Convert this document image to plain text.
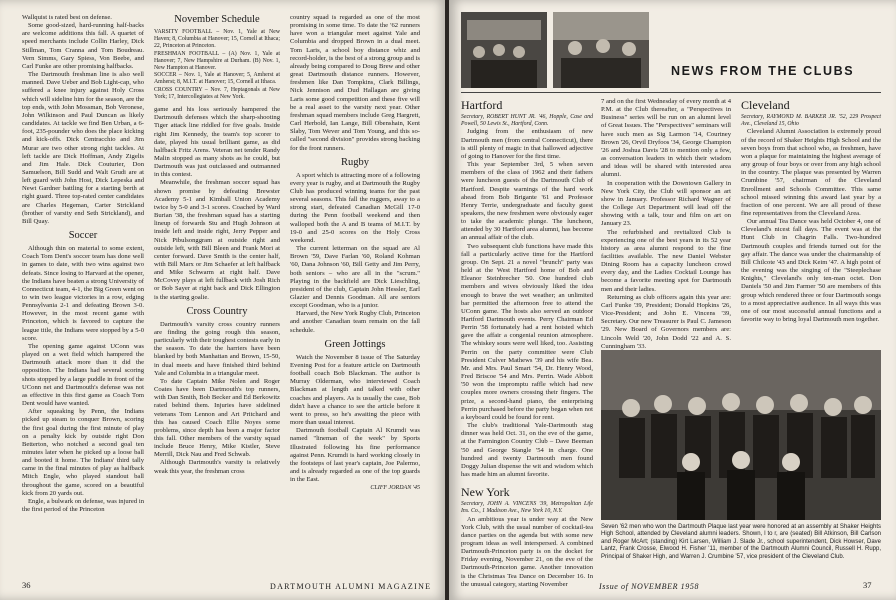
Wallquist is rated best on defense.

Some good-sized, hard-running half-backs are welcome additions this fall. A quartet of speed merchants include Collin Harley, Dick Stillman, Tom Cranna and Tom Boudreau. Vern Simms, Gary Spiess, Von Beebe, and Carl Funke are other promising halfbacks.

The Dartmouth freshman line is also well manned. Dave Ueber and Bob Light-cap, who suffered a knee injury against Holy Cross which will sideline him for the season, are the top ends, with John Mossman, Bob Veronese, John Wilkinson and Paul Duncan as likely candidates. At tackle we find Ben Urban, a 6-foot, 235-pounder who does the place kicking and kick-offs. Dick Centracchio and Jim Murar are two other strong right tackles. At left tackle are Dick Hoffman, Andy Zigelis and Jim Hale. Dick Couturier, Don Samuelson, Bill Sudd and Walt Grudi are at left guard with John Host, Dick Lepeska and Newt Gardner battling for a starting berth at right guard. Three top-rated center candidates are Charles Hegeman, Carter Strickland (brother of varsity end Seth Strickland), and Bill Quay.

Soccer

Although thin on material to some extent, Coach Tom Dent's soccer team has done well in games to date, with two wins against two defeats. Since losing to Harvard at the opener, the Indians have beaten a strong University of Connecticut team, 4-1, the Big Green went on to win two league victories in a row, edging Pennsylvania 2-1 and defeating Brown 3-0. However, in the most recent game with Princeton, which is favored to capture the league title, the Indians were stopped by a 5-0 score.

The opening game against UConn was played on a wet field which hampered the Dartmouth attack more than it did the opposition. The Indians had several scoring shots stopped by a large puddle in front of the UConn net and Dartmouth's defense was not as effective in this first game as Coach Tom Dent would have wanted.

After squeaking by Penn, the Indians picked up steam to conquer Brown, scoring the first goal during the first minute of play on a penalty kick by outside right Don Betterton, who notched a second goal ten minutes later when he picked up a loose ball and booted it home. The Indians' third tally came in the final minutes of play as halfback Mitch Engle, who played standout ball throughout the game, scored on a beautiful kick from 20 yards out.

Engle, a bulwark on defense, was injured in the first period of the Princeton

November Schedule

VARSITY FOOTBALL – Nov. 1, Yale at New Haven; 8, Columbia at Hanover; 15, Cornell at Ithaca; 22, Princeton at Princeton.

FRESHMAN FOOTBALL – (A) Nov. 1, Yale at Hanover; 7, New Hampshire at Durham. (B) Nov. 1, New Hampton at Hanover.

SOCCER – Nov. 1, Yale at Hanover; 5, Amherst at Amherst; 8, M.I.T. at Hanover; 15, Cornell at Ithaca.

CROSS COUNTRY – Nov. 7, Heptagonals at New York; 17, Intercollegiates at New York.

game and his loss seriously hampered the Dartmouth defenses which the sharp-shooting Tiger attack line riddled for five goals. Inside right Jim Kennedy, the team's top scorer to date, played his usual brilliant game, as did halfback Fritz Arens. Veteran net tender Randy Malin stopped as many shots as he could, but Dartmouth was just outclassed and outmanned in this contest.

Meanwhile, the freshman soccer squad has shown promise by defeating Brewster Academy 5-1 and Kimball Union Academy twice by 5-0 and 3-1 scores. Coached by Ward Burian '38, the freshman squad has a starting lineup of forwards Stu and Hugh Johnson at inside left and inside right, Jerry Pepper and Nick Pibulsonggram at outside right and outside left, with Bill Bleen and Frank Mori at center forward. Dave Smith is the center half, with Bill Marx or Jim Schaefer at left halfback and Mike Schwarm at right half. Dave McCovey plays at left fullback with Josh Rich or Bob Sayer at right back and Dick Ellington is the starting goalie.

Cross Country

Dartmouth's varsity cross country runners are finding the going rough this season, particularly with their toughest contests early in the season. To date the harriers have been blanked by both Manhattan and Brown, 15-50, in dual meets and have finished third behind Yale and Columbia in a triangular meet.

To date Captain Mike Nolen and Roger Coates have been Dartmouth's top runners, with Dan Smith, Bob Becker and Ed Berkowitz rated behind them. Injuries have sidelined veterans Tom Lennon and Art Pritchard and this has caused Coach Ellie Noyes some problems, since depth has been a major factor this fall. Other members of the varsity squad include Bruce Henry, Mike Kistler, Steve Merrill, Dick Nau and Fred Schwab.

Although Dartmouth's varsity is relatively weak this year, the freshman cross

country squad is regarded as one of the most promising in some time. To date the '62 runners have won a triangular meet against Yale and Columbia and dropped Brown in a dual meet. Tom Laris, a school boy distance whiz and record-holder, is the best of a strong group and is already being compared to Doug Brew and other great Dartmouth distance runners. However, freshmen like Dan Tompkins, Clark Billings, Nick Jennison and Dud Hallagan are giving Laris some good competition and these five will be a real asset to the varsity next year. Other freshman squad members include Greg Hargrett, Carl Herbold, Ian Lange, Bill Obenshain, Kent Slaby, Tom Wever and Tom Young, and this so-called "second division" provides strong backing for the front runners.

Rugby

A sport which is attracting more of a following every year is rugby, and at Dartmouth the Rugby Club has produced winning teams for the past several seasons. This fall the ruggers, away to a strong start, defeated Canadian McGill 17-0 during the Penn football weekend and then walloped both the A and B teams of M.I.T. by 19-0 and 25-0 scores on the Holy Cross weekend.

The current letterman on the squad are Al Brown '59, Dave Farlan '60, Roland Kohman '60, Dana Johnson '60, Bill Getty and Jim Perry, both seniors – who are all in the "scrum." Playing in the backfield are Dick Lieschling, president of the club, Captain John Hessler, Earl Glazier and Dennis Goodman. All are seniors except Goodman, who is a junior.

Harvard, the New York Rugby Club, Princeton and another Canadian team remain on the fall schedule.

Green Jottings

Watch the November 8 issue of The Saturday Evening Post for a feature article on Dartmouth football coach Bob Blackman. The author is Murray Olderman, who interviewed Coach Blackman at length and talked with other coaches and players. As is usually the case, Bob didn't have a chance to see the article before it went to press, so he's awaiting the piece with more than usual interest.

Dartmouth football Captain Al Krumdi was named "lineman of the week" by Sports Illustrated following his fine performance against Penn. Krumdi is hard working closely in the footsteps of last year's captain, Joe Palermo, and is already regarded as one of the top guards in the East.

CLIFF JORDAN '45

36	DARTMOUTH ALUMNI MAGAZINE
NEWS FROM THE CLUBS
Hartford

Secretary, ROBERT HUNT JR. '46, Hopple, Case and Powell, 50 Lewis St., Hartford, Conn.

Judging from the enthusiasm of new Dartmouth men (from central Connecticut), there is still plenty of magic in that hallowed adjective of going to Hanover for the first time.

This year September 3rd, 5 when seven members of the class of 1962 and their fathers were luncheon guests of the Dartmouth Club of Hartford. Despite warnings of the hard work ahead from Bob Brigante '61 and Professor Henry Terrie, undergraduate and faculty guest speakers, the new freshmen were obviously eager to take the academic plunge. The luncheon, attended by 30 Hartford area alumni, has become an annual affair of the club.

Two subsequent club functions have made this fall a particularly active time for the Hartford group. On Sept. 21 a novel "brunch" party was held at the West Hartford home of Bob and Eleanor Steinbrecher '50. One hundred club members and wives obviously liked the idea enough to brave the wet weather; an unlimited bar permitted the afternoon free to attend the UConn game. The hosts also served an outdoor Hartford Dartmouth events. Perry Chairman Ed Perrin '58 fortunately had a rent hoisted which gave the affair a congenial reunion atmosphere. The whiskey sours were well liked, too. Assisting Perrin on the party committee were Club President Culver Mathews '39 and his wife Bea. Mr. and Mrs. Paul Smart '54, Dr. Henry Wood, Fred Briscoe '54 and Mrs. Perrin. Wade Abbott '50 won the impromptu raffle which had new couples more owners crossing their fingers. The prize, a second-hand piano, the enterprising Perrin purchased before the party began when not a keyboard could be found for rent.

The club's traditional Yale-Dartmouth stag dinner was held Oct. 31, on the eve of the game, at the Farmington Country Club – Dave Beeman '50 and George Stangle '54 in charge. One hundred and twenty Dartmouth men found Doggy Julian dispense the wit and wisdom which has made him an alumni favorite.

New York

Secretary, JOHN A. VINCENS '39, Metropolitan Life Ins. Co., 1 Madison Ave., New York 10, N.Y.

An ambitious year is under way at the New York Club, with the usual number of cocktail-tea dance parties on the agenda but with some new program ideas as well interspersed. A combined Dartmouth-Princeton party is on the docket for Friday evening, November 21, on the eve of the Dartmouth-Princeton game. Another innovation is the Christmas Tea Dance on December 16. In the unusual category, starting November

7 and on the first Wednesday of every month at 4 P.M. at the Club thereafter, a "Perspectives in Business" series will be run on an alumni level of Great Issues. The "Perspectives" seminars will have such men as Sig Larmon '14, Courtney Brown '26, Orvil Dryfoos '34, George Champion '26 and Joshua Davis '28 to mention only a few, as conversation leaders in which their wisdom and ideas will be shared with interested area alumni.

In cooperation with the Downtown Gallery in New York City, the Club will sponsor an art show in January. Professor Richard Wagner of the College Art Department will lead off the showing with a talk, tour and film on art on January 23.

The refurbished and revitalized Club is experiencing one of the best years in its 52 year history as area alumni respond to the fine facilities available. The new Daniel Webster Dining Room has a capacity luncheon crowd every day, and the Ladies Cocktail Lounge has become a favorite meeting spot for Dartmouth men and their ladies.

Returning as club officers again this year are: Carl Funke '39, President; Donald Hopkins '26, Vice-President; and John E. Vincens '39, Secretary. Our new Treasurer is Paul C. Jameson '29. New Board of Governors members are: Lincoln Weld '20, John Dodd '22 and A. S. Cunningham '33.

Cleveland

Secretary, RAYMOND M. BARKER JR. '52, 229 Prospect Ave., Cleveland 15, Ohio

Cleveland Alumni Association is extremely proud of the record of Shaker Heights High School and the seven boys from that school who, as freshmen, have won a plaque for maintaining the highest average of any group of four boys or over from any high school in the country. The plaque was presented by Warren Crumbine '57, chairman of the Cleveland Enrollment and Schools Committee. This same school missed winning this award last year by a fraction of one percent. We are all proud of these fine representatives from the Cleveland Area.

Our annual Tea Dance was held October 4, one of Cleveland's nicest fall days. The event was at the Hunt Club in Chagrin Falls. Two-hundred Dartmouth couples and friends turned out for the gay affair. The dance was under the chairmanship of Bill Chilcote '43 and Dick Keim '47. A high point of the evening was the singing of the "Steeplechase Knights," Cleveland's only ten-man octet. Don Daniels '50 and Jim Farmer '50 are members of this group which rendered three or four Dartmouth songs to a most appreciative audience. In all ways this was one of our most successful annual functions and a favorite way to bring loyal Dartmouth men together.

Seven '62 men who won the Dartmouth Plaque last year were honored at an assembly at Shaker Heights High School, attended by Cleveland alumni leaders. Shown, l to r, are (seated) Bill Atkinson, Bill Carlson and Roger McArt; (standing) Kirt Larsen, William J. Slade Jr., school superintendent, Dick Howser, Dave Lantz, Frank Crosse, Elwood H. Fisher '11, member of the Dartmouth Alumni Council, Russell H. Rupp, Principal of Shaker High, and Warren J. Crumbine '57, vice president of the Cleveland Club.
Issue of NOVEMBER 1958	37
